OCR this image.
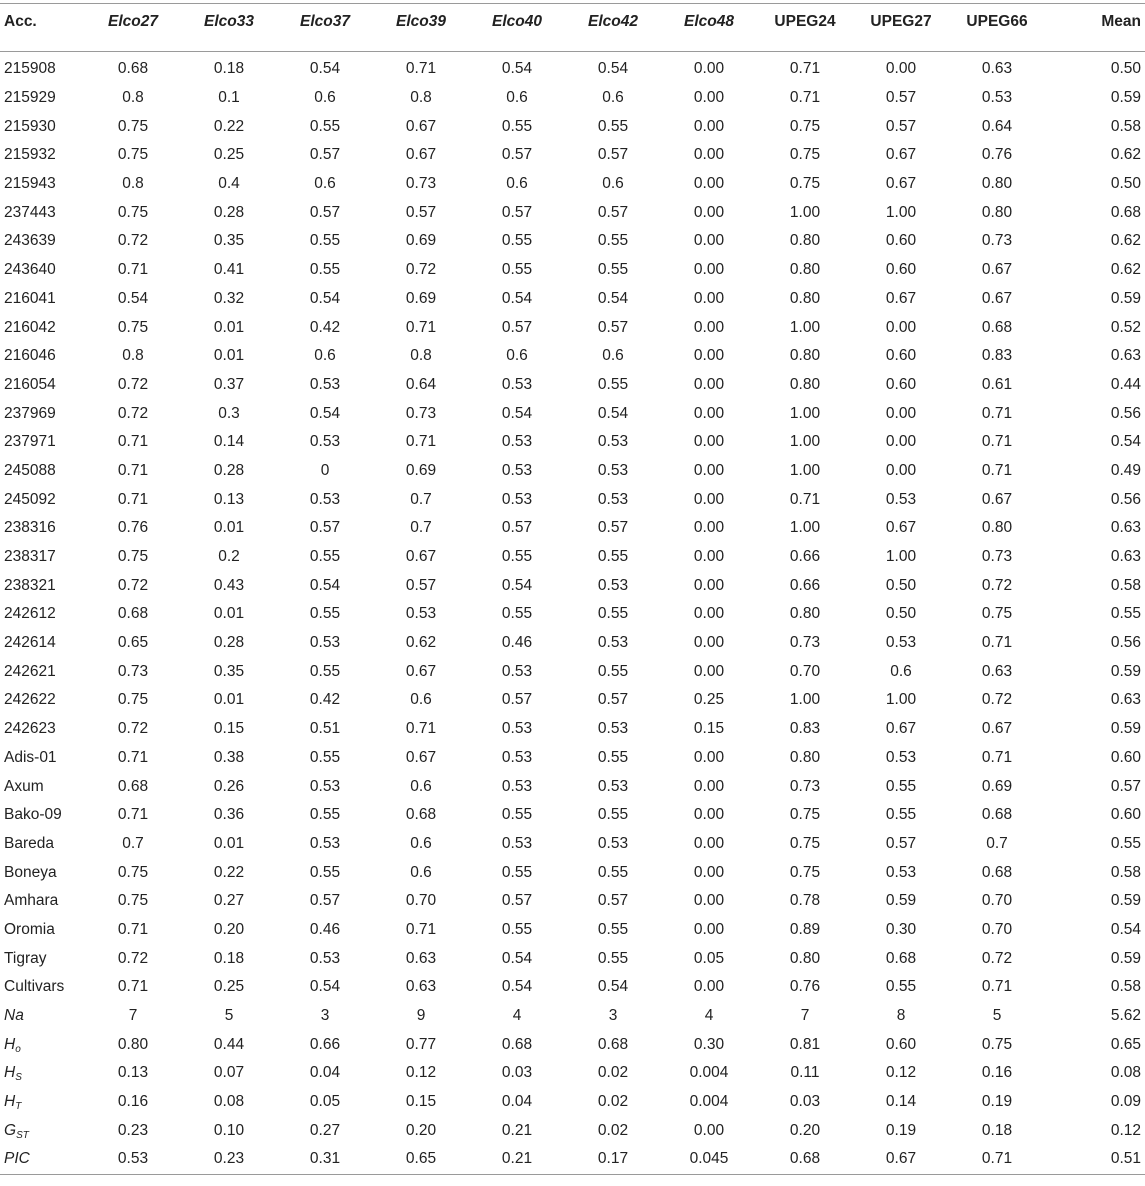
Acc.	Elco27	Elco33	Elco37	Elco39	Elco40	Elco42	Elco48	UPEG24	UPEG27	UPEG66	Mean

215908	0.68	0.18	0.54	0.71	0.54	0.54	0.00	0.71	0.00	0.63	0.50
215929	0.8	0.1	0.6	0.8	0.6	0.6	0.00	0.71	0.57	0.53	0.59
215930	0.75	0.22	0.55	0.67	0.55	0.55	0.00	0.75	0.57	0.64	0.58
215932	0.75	0.25	0.57	0.67	0.57	0.57	0.00	0.75	0.67	0.76	0.62
215943	0.8	0.4	0.6	0.73	0.6	0.6	0.00	0.75	0.67	0.80	0.50
237443	0.75	0.28	0.57	0.57	0.57	0.57	0.00	1.00	1.00	0.80	0.68
243639	0.72	0.35	0.55	0.69	0.55	0.55	0.00	0.80	0.60	0.73	0.62
243640	0.71	0.41	0.55	0.72	0.55	0.55	0.00	0.80	0.60	0.67	0.62
216041	0.54	0.32	0.54	0.69	0.54	0.54	0.00	0.80	0.67	0.67	0.59
216042	0.75	0.01	0.42	0.71	0.57	0.57	0.00	1.00	0.00	0.68	0.52
216046	0.8	0.01	0.6	0.8	0.6	0.6	0.00	0.80	0.60	0.83	0.63
216054	0.72	0.37	0.53	0.64	0.53	0.55	0.00	0.80	0.60	0.61	0.44
237969	0.72	0.3	0.54	0.73	0.54	0.54	0.00	1.00	0.00	0.71	0.56
237971	0.71	0.14	0.53	0.71	0.53	0.53	0.00	1.00	0.00	0.71	0.54
245088	0.71	0.28	0	0.69	0.53	0.53	0.00	1.00	0.00	0.71	0.49
245092	0.71	0.13	0.53	0.7	0.53	0.53	0.00	0.71	0.53	0.67	0.56
238316	0.76	0.01	0.57	0.7	0.57	0.57	0.00	1.00	0.67	0.80	0.63
238317	0.75	0.2	0.55	0.67	0.55	0.55	0.00	0.66	1.00	0.73	0.63
238321	0.72	0.43	0.54	0.57	0.54	0.53	0.00	0.66	0.50	0.72	0.58
242612	0.68	0.01	0.55	0.53	0.55	0.55	0.00	0.80	0.50	0.75	0.55
242614	0.65	0.28	0.53	0.62	0.46	0.53	0.00	0.73	0.53	0.71	0.56
242621	0.73	0.35	0.55	0.67	0.53	0.55	0.00	0.70	0.6	0.63	0.59
242622	0.75	0.01	0.42	0.6	0.57	0.57	0.25	1.00	1.00	0.72	0.63
242623	0.72	0.15	0.51	0.71	0.53	0.53	0.15	0.83	0.67	0.67	0.59
Adis-01	0.71	0.38	0.55	0.67	0.53	0.55	0.00	0.80	0.53	0.71	0.60
Axum	0.68	0.26	0.53	0.6	0.53	0.53	0.00	0.73	0.55	0.69	0.57
Bako-09	0.71	0.36	0.55	0.68	0.55	0.55	0.00	0.75	0.55	0.68	0.60
Bareda	0.7	0.01	0.53	0.6	0.53	0.53	0.00	0.75	0.57	0.7	0.55
Boneya	0.75	0.22	0.55	0.6	0.55	0.55	0.00	0.75	0.53	0.68	0.58
Amhara	0.75	0.27	0.57	0.70	0.57	0.57	0.00	0.78	0.59	0.70	0.59
Oromia	0.71	0.20	0.46	0.71	0.55	0.55	0.00	0.89	0.30	0.70	0.54
Tigray	0.72	0.18	0.53	0.63	0.54	0.55	0.05	0.80	0.68	0.72	0.59
Cultivars	0.71	0.25	0.54	0.63	0.54	0.54	0.00	0.76	0.55	0.71	0.58
Na	7	5	3	9	4	3	4	7	8	5	5.62
$H_o$	0.80	0.44	0.66	0.77	0.68	0.68	0.30	0.81	0.60	0.75	0.65
$H_S$	0.13	0.07	0.04	0.12	0.03	0.02	0.004	0.11	0.12	0.16	0.08
$H_T$	0.16	0.08	0.05	0.15	0.04	0.02	0.004	0.03	0.14	0.19	0.09
$G_{ST}$	0.23	0.10	0.27	0.20	0.21	0.02	0.00	0.20	0.19	0.18	0.12
PIC	0.53	0.23	0.31	0.65	0.21	0.17	0.045	0.68	0.67	0.71	0.51
